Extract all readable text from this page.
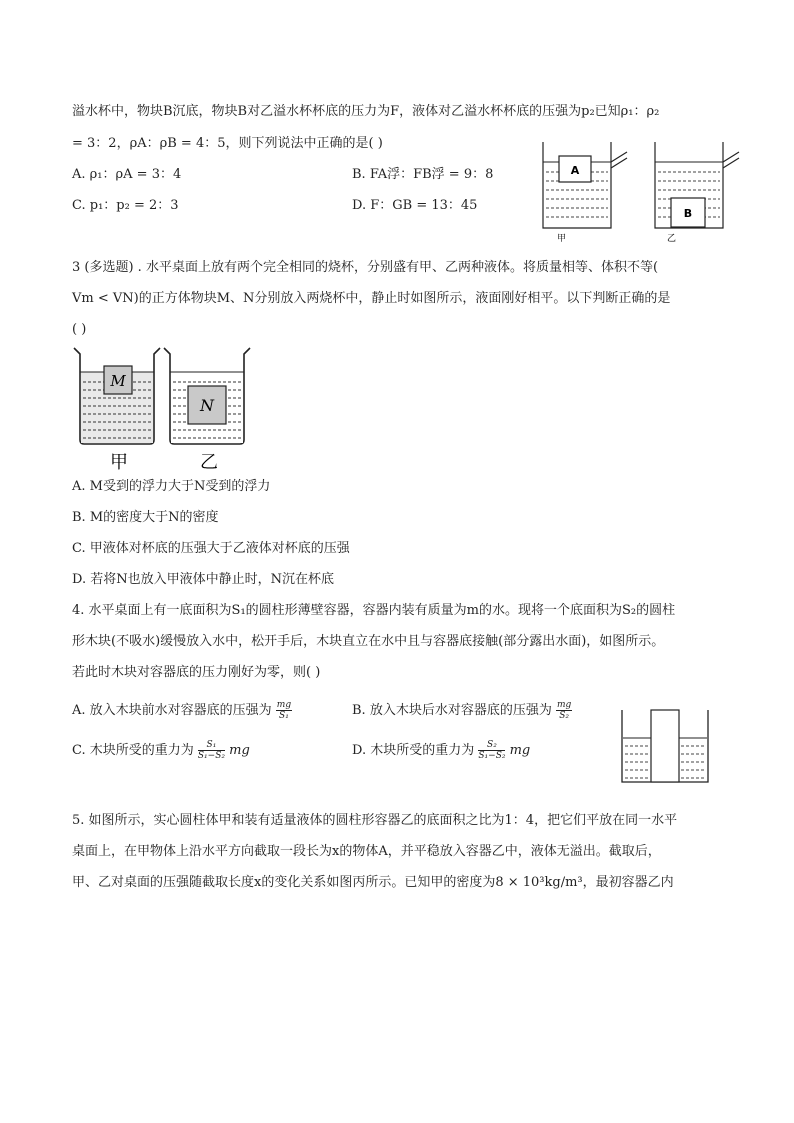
溢水杯中，物块B沉底，物块B对乙溢水杯杯底的压力为F，液体对乙溢水杯杯底的压强为p₂已知ρ₁：ρ₂
= 3：2，ρA：ρB = 4：5，则下列说法中正确的是( )
A. ρ₁：ρA = 3：4	B. FA浮：FB浮 = 9：8
C. p₁：p₂ = 2：3	D. F：GB = 13：45
A
甲
B
乙
3 (多选题) . 水平桌面上放有两个完全相同的烧杯，分别盛有甲、乙两种液体。将质量相等、体积不等(
Vm < VN)的正方体物块M、N分别放入两烧杯中，静止时如图所示，液面刚好相平。以下判断正确的是
( )
M
甲
N
乙
A. M受到的浮力大于N受到的浮力
B. M的密度大于N的密度
C. 甲液体对杯底的压强大于乙液体对杯底的压强
D. 若将N也放入甲液体中静止时，N沉在杯底
4. 水平桌面上有一底面积为S₁的圆柱形薄壁容器，容器内装有质量为m的水。现将一个底面积为S₂的圆柱
形木块(不吸水)缓慢放入水中，松开手后，木块直立在水中且与容器底接触(部分露出水面)，如图所示。
若此时木块对容器底的压力刚好为零，则( )
A. 放入木块前水对容器底的压强为 $\frac{mg}{\text{S₁}}$	B. 放入木块后水对容器底的压强为 $\frac{mg}{\text{S₂}}$
C. 木块所受的重力为 $\frac{\text{S₁}}{\text{S₁−S₂}}$ mg	D. 木块所受的重力为 $\frac{\text{S₂}}{\text{S₁−S₂}}$ mg
5. 如图所示，实心圆柱体甲和装有适量液体的圆柱形容器乙的底面积之比为1：4，把它们平放在同一水平
桌面上，在甲物体上沿水平方向截取一段长为x的物体A，并平稳放入容器乙中，液体无溢出。截取后，
甲、乙对桌面的压强随截取长度x的变化关系如图丙所示。已知甲的密度为8 × 10³kg/m³，最初容器乙内
